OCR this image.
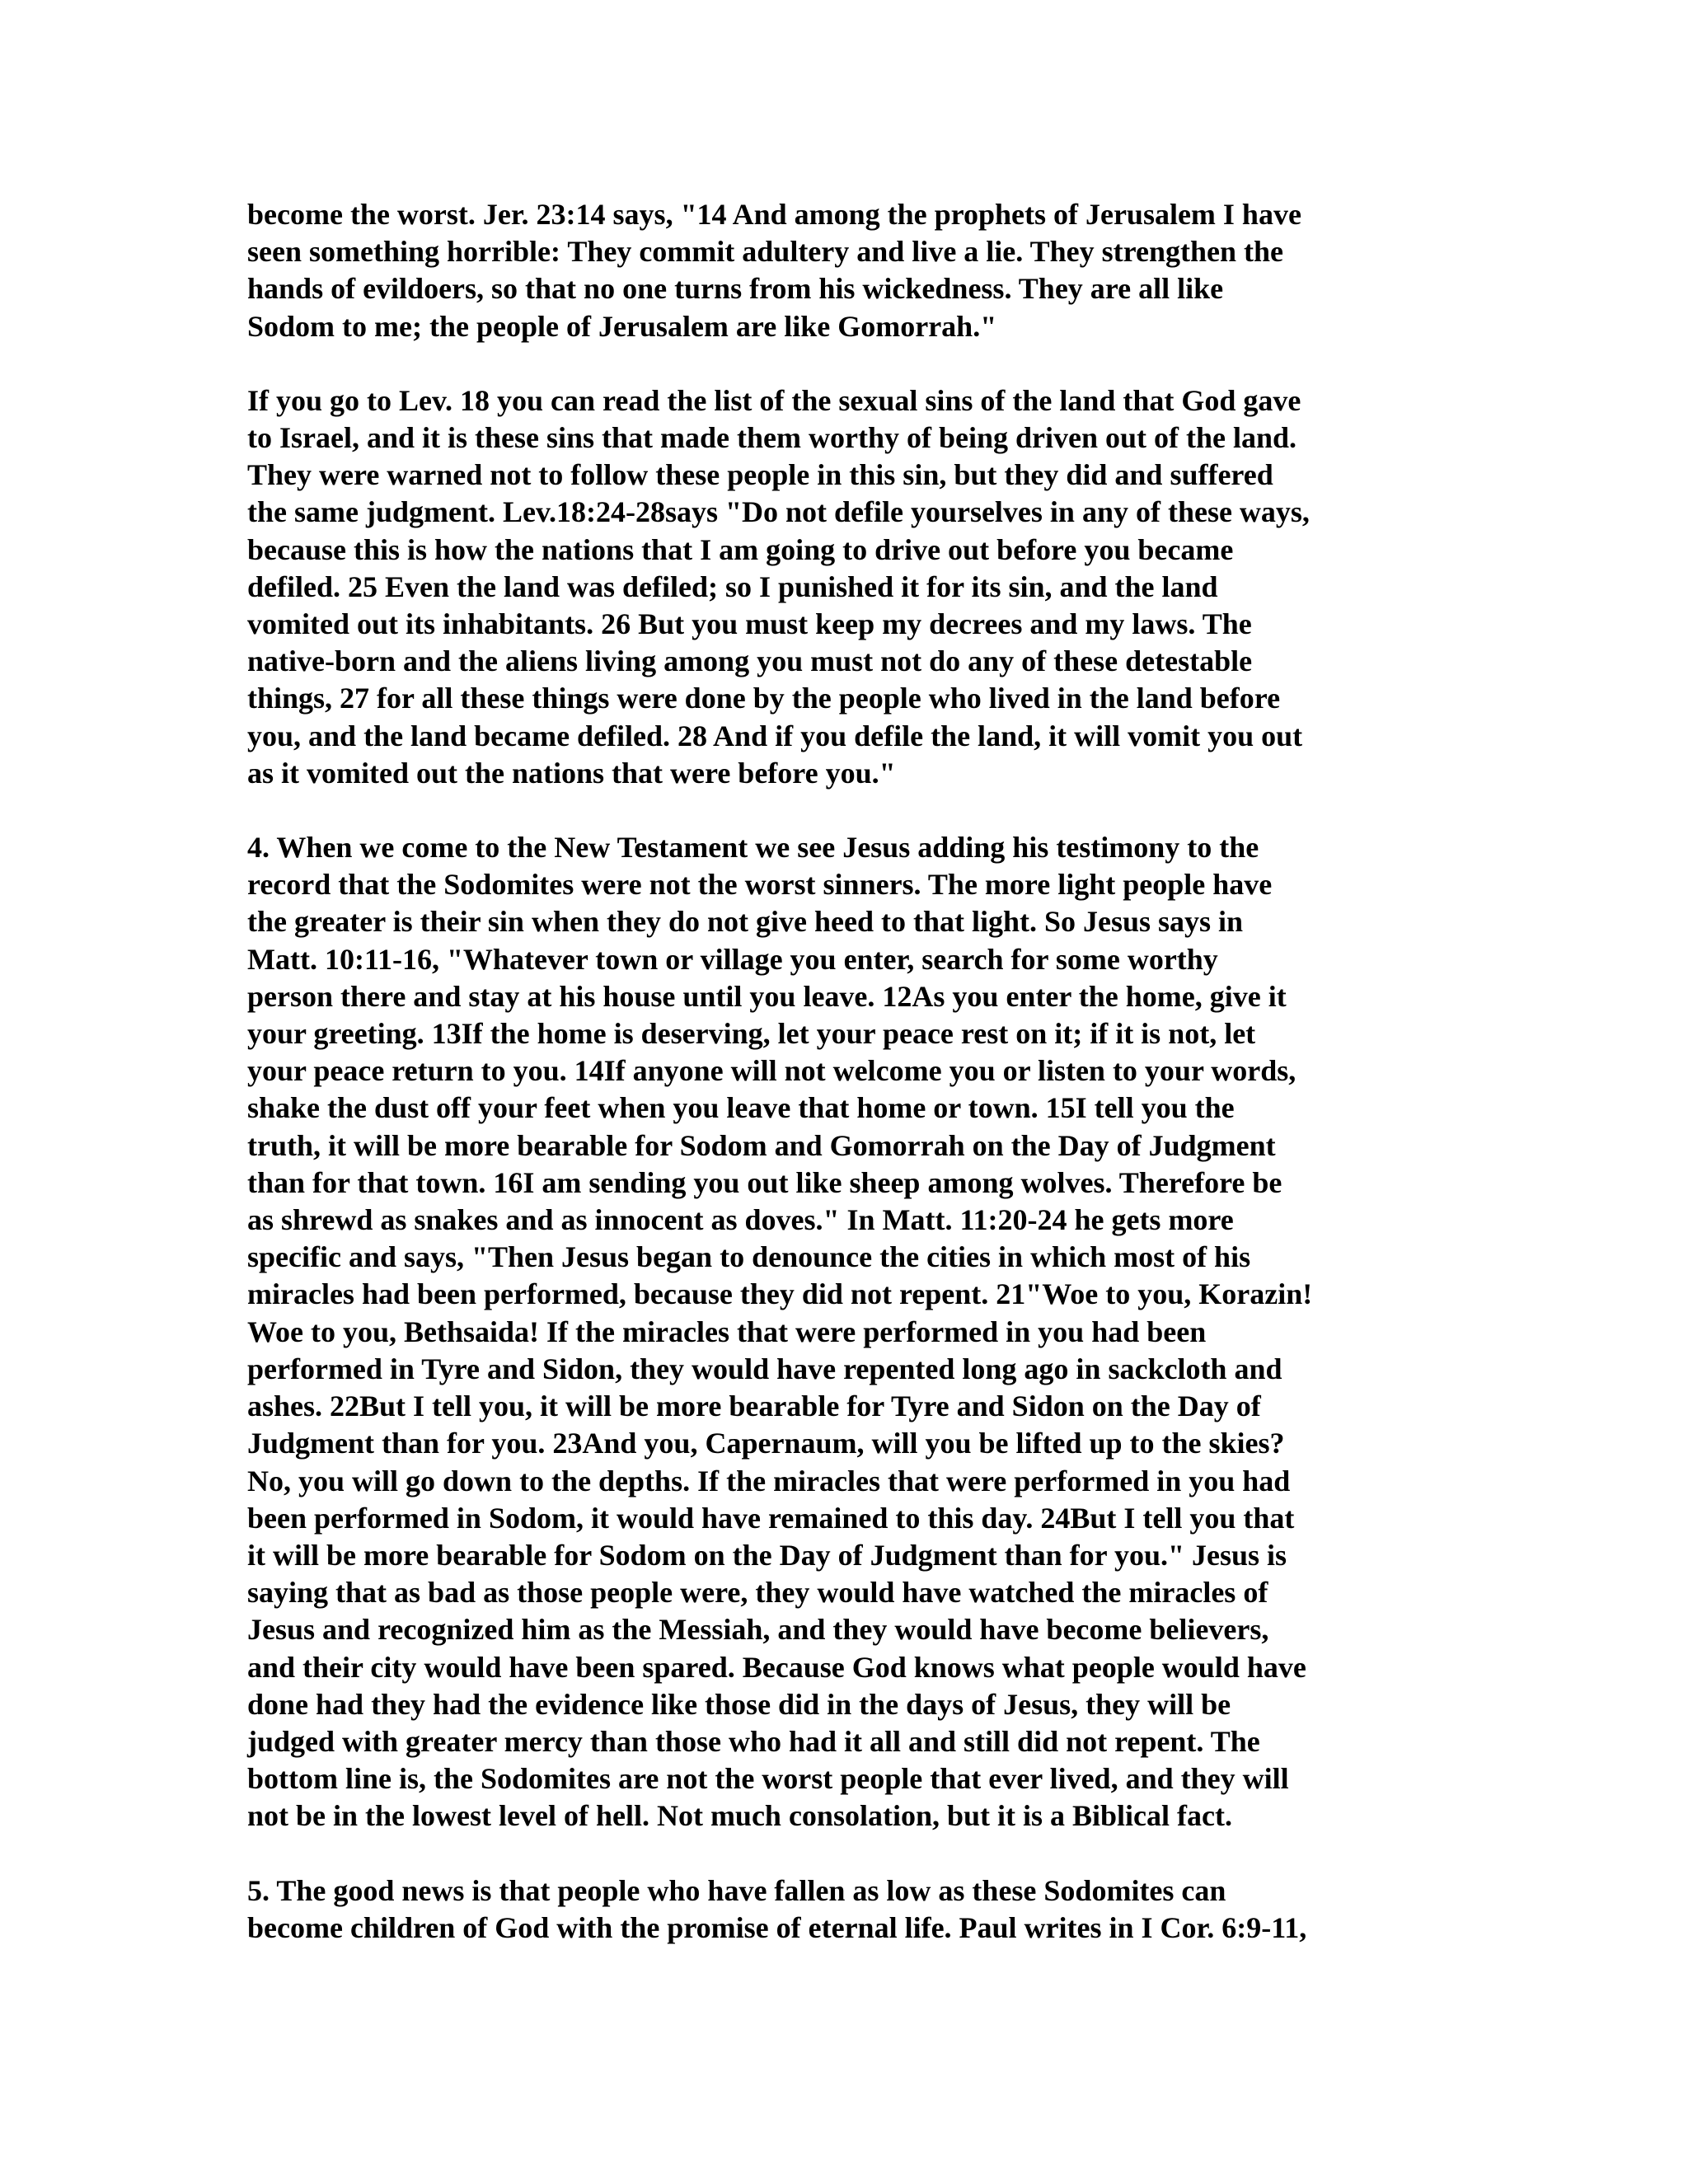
become the worst. Jer. 23:14 says, "14 And among the prophets of Jerusalem I have
seen something horrible: They commit adultery and live a lie. They strengthen the
hands of evildoers, so that no one turns from his wickedness. They are all like
Sodom to me; the people of Jerusalem are like Gomorrah."
If you go to Lev. 18 you can read the list of the sexual sins of the land that God gave
to Israel, and it is these sins that made them worthy of being driven out of the land.
They were warned not to follow these people in this sin, but they did and suffered
the same judgment. Lev.18:24-28says "Do not defile yourselves in any of these ways,
because this is how the nations that I am going to drive out before you became
defiled. 25 Even the land was defiled; so I punished it for its sin, and the land
vomited out its inhabitants. 26 But you must keep my decrees and my laws. The
native-born and the aliens living among you must not do any of these detestable
things, 27 for all these things were done by the people who lived in the land before
you, and the land became defiled. 28 And if you defile the land, it will vomit you out
as it vomited out the nations that were before you."
4. When we come to the New Testament we see Jesus adding his testimony to the
record that the Sodomites were not the worst sinners. The more light people have
the greater is their sin when they do not give heed to that light. So Jesus says in
Matt. 10:11-16, "Whatever town or village you enter, search for some worthy
person there and stay at his house until you leave. 12As you enter the home, give it
your greeting. 13If the home is deserving, let your peace rest on it; if it is not, let
your peace return to you. 14If anyone will not welcome you or listen to your words,
shake the dust off your feet when you leave that home or town. 15I tell you the
truth, it will be more bearable for Sodom and Gomorrah on the Day of Judgment
than for that town. 16I am sending you out like sheep among wolves. Therefore be
as shrewd as snakes and as innocent as doves." In Matt. 11:20-24 he gets more
specific and says, "Then Jesus began to denounce the cities in which most of his
miracles had been performed, because they did not repent. 21"Woe to you, Korazin!
Woe to you, Bethsaida! If the miracles that were performed in you had been
performed in Tyre and Sidon, they would have repented long ago in sackcloth and
ashes. 22But I tell you, it will be more bearable for Tyre and Sidon on the Day of
Judgment than for you. 23And you, Capernaum, will you be lifted up to the skies?
No, you will go down to the depths. If the miracles that were performed in you had
been performed in Sodom, it would have remained to this day. 24But I tell you that
it will be more bearable for Sodom on the Day of Judgment than for you." Jesus is
saying that as bad as those people were, they would have watched the miracles of
Jesus and recognized him as the Messiah, and they would have become believers,
and their city would have been spared. Because God knows what people would have
done had they had the evidence like those did in the days of Jesus, they will be
judged with greater mercy than those who had it all and still did not repent. The
bottom line is, the Sodomites are not the worst people that ever lived, and they will
not be in the lowest level of hell. Not much consolation, but it is a Biblical fact.
5. The good news is that people who have fallen as low as these Sodomites can
become children of God with the promise of eternal life. Paul writes in I Cor. 6:9-11,
